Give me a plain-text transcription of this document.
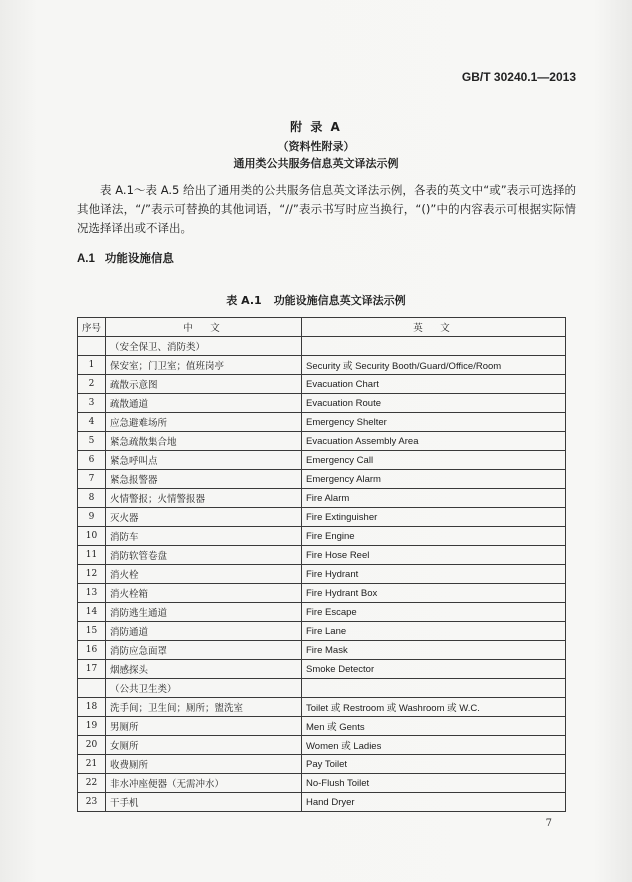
GB/T 30240.1—2013
附 录 A
（资料性附录）
通用类公共服务信息英文译法示例

表 A.1～表 A.5 给出了通用类的公共服务信息英文译法示例，各表的英文中“或”表示可选择的其他译法，“/”表示可替换的其他词语，“//”表示书写时应当换行，“()”中的内容表示可根据实际情况选择译出或不译出。

A.1 功能设施信息
表 A.1 功能设施信息英文译法示例
序号	中　文	英　文
	（安全保卫、消防类）	
1	保安室；门卫室；值班岗亭	Security 或 Security Booth/Guard/Office/Room
2	疏散示意图	Evacuation Chart
3	疏散通道	Evacuation Route
4	应急避难场所	Emergency Shelter
5	紧急疏散集合地	Evacuation Assembly Area
6	紧急呼叫点	Emergency Call
7	紧急报警器	Emergency Alarm
8	火情警报；火情警报器	Fire Alarm
9	灭火器	Fire Extinguisher
10	消防车	Fire Engine
11	消防软管卷盘	Fire Hose Reel
12	消火栓	Fire Hydrant
13	消火栓箱	Fire Hydrant Box
14	消防逃生通道	Fire Escape
15	消防通道	Fire Lane
16	消防应急面罩	Fire Mask
17	烟感探头	Smoke Detector
	（公共卫生类）	
18	洗手间；卫生间；厕所；盥洗室	Toilet 或 Restroom 或 Washroom 或 W.C.
19	男厕所	Men 或 Gents
20	女厕所	Women 或 Ladies
21	收费厕所	Pay Toilet
22	非水冲座便器（无需冲水）	No-Flush Toilet
23	干手机	Hand Dryer
7
